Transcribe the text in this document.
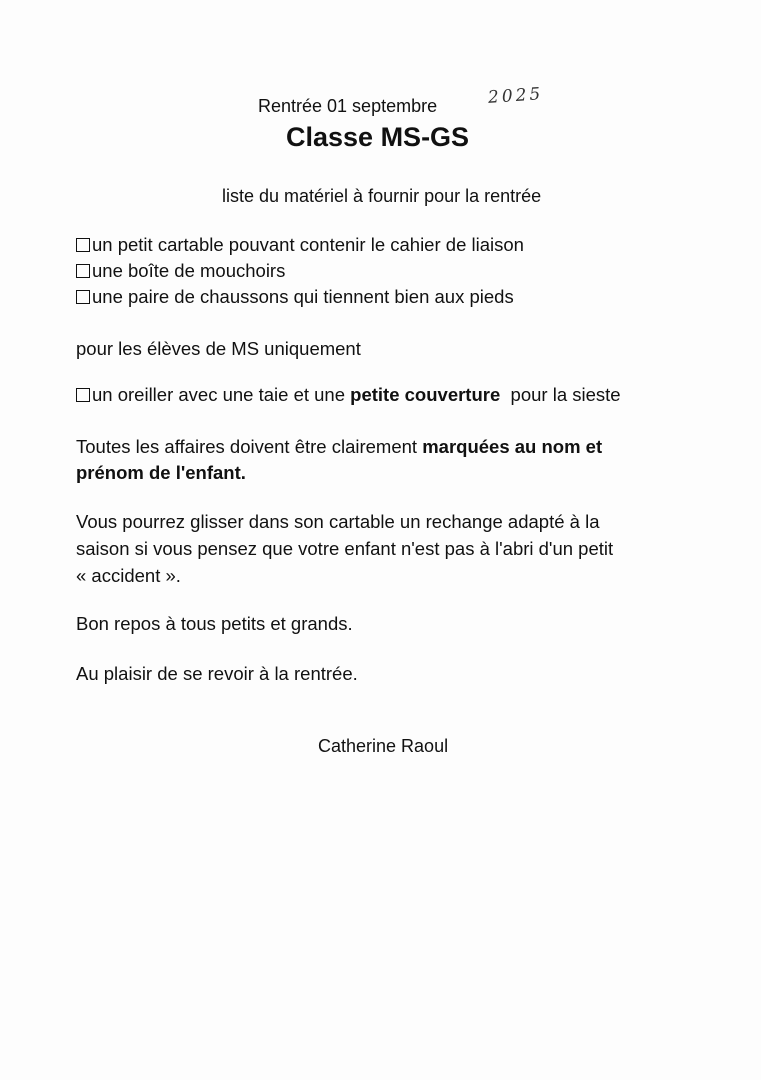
Rentrée 01 septembre	2025
Classe MS-GS
liste du matériel à fournir pour la rentrée
un petit cartable pouvant contenir le cahier de liaison
une boîte de mouchoirs
une paire de chaussons qui tiennent bien aux pieds
pour les élèves de MS uniquement
un oreiller avec une taie et une petite couverture  pour la sieste
Toutes les affaires doivent être clairement marquées au nom et
prénom de l'enfant.
Vous pourrez glisser dans son cartable un rechange adapté à la
saison si vous pensez que votre enfant n'est pas à l'abri d'un petit
« accident ».
Bon repos à tous petits et grands.
Au plaisir de se revoir à la rentrée.
Catherine Raoul
